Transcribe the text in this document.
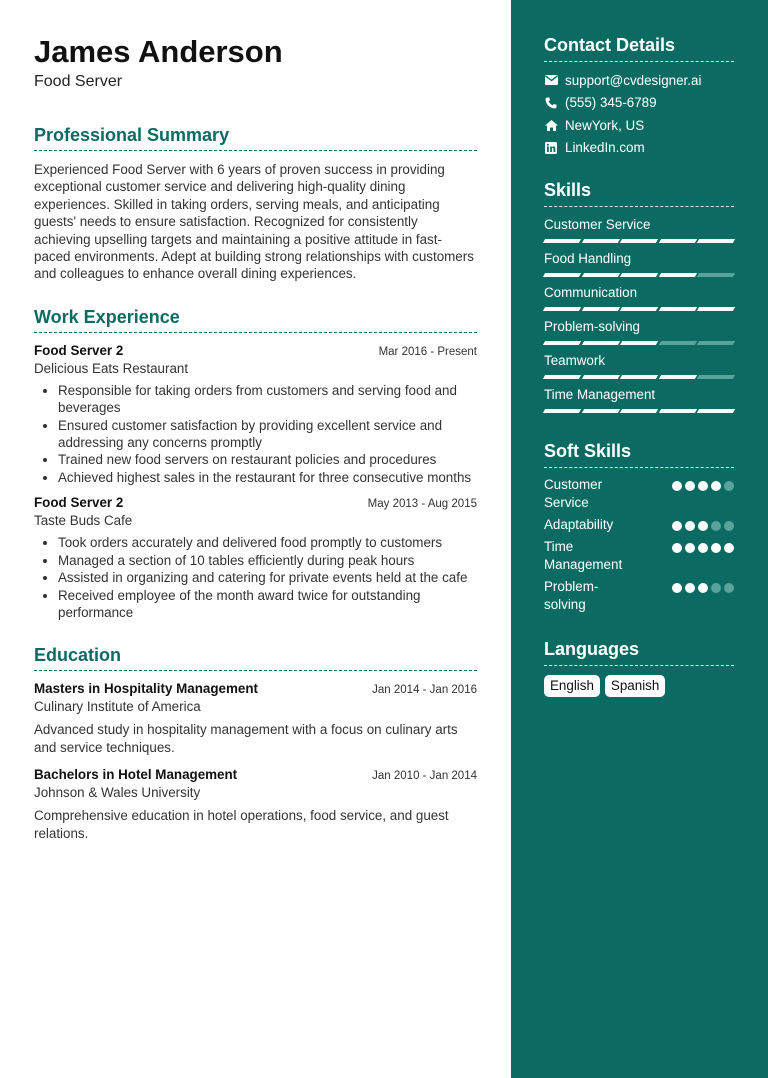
James Anderson
Food Server
Professional Summary

Experienced Food Server with 6 years of proven success in providing exceptional customer service and delivering high-quality dining experiences. Skilled in taking orders, serving meals, and anticipating guests' needs to ensure satisfaction. Recognized for consistently achieving upselling targets and maintaining a positive attitude in fast-paced environments. Adept at building strong relationships with customers and colleagues to enhance overall dining experiences.

Work Experience
Food Server 2	Mar 2016 - Present
Delicious Eats Restaurant
• Responsible for taking orders from customers and serving food and beverages
• Ensured customer satisfaction by providing excellent service and addressing any concerns promptly
• Trained new food servers on restaurant policies and procedures
• Achieved highest sales in the restaurant for three consecutive months
Food Server 2	May 2013 - Aug 2015
Taste Buds Cafe
• Took orders accurately and delivered food promptly to customers
• Managed a section of 10 tables efficiently during peak hours
• Assisted in organizing and catering for private events held at the cafe
• Received employee of the month award twice for outstanding performance
Education
Masters in Hospitality Management	Jan 2014 - Jan 2016
Culinary Institute of America

Advanced study in hospitality management with a focus on culinary arts and service techniques.

Bachelors in Hotel Management	Jan 2010 - Jan 2014
Johnson & Wales University

Comprehensive education in hotel operations, food service, and guest relations.

Contact Details
support@cvdesigner.ai
(555) 345-6789
NewYork, US
LinkedIn.com
Skills
Customer Service
Food Handling
Communication
Problem-solving
Teamwork
Time Management
Soft Skills
Customer Service
Adaptability
Time Management
Problem-solving
Languages
English	Spanish
